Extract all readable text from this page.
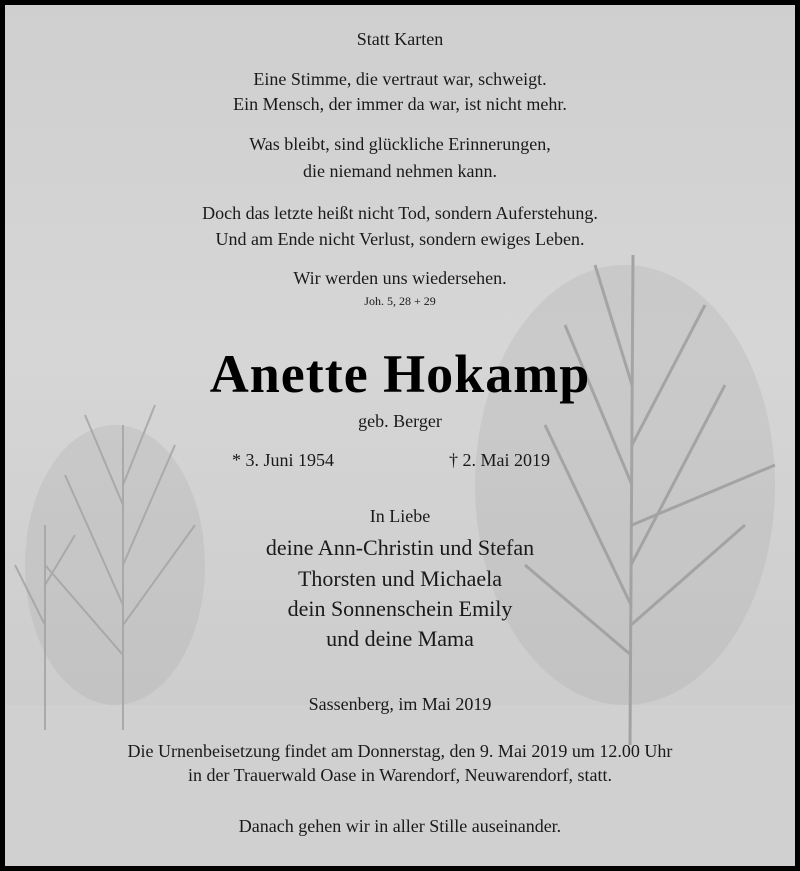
Statt Karten
Eine Stimme, die vertraut war, schweigt.
Ein Mensch, der immer da war, ist nicht mehr.
Was bleibt, sind glückliche Erinnerungen,
die niemand nehmen kann.
Doch das letzte heißt nicht Tod, sondern Auferstehung.
Und am Ende nicht Verlust, sondern ewiges Leben.
Wir werden uns wiedersehen.
Joh. 5, 28 + 29
Anette Hokamp
geb. Berger
* 3. Juni 1954	† 2. Mai 2019
In Liebe
deine Ann-Christin und Stefan
Thorsten und Michaela
dein Sonnenschein Emily
und deine Mama
Sassenberg, im Mai 2019
Die Urnenbeisetzung findet am Donnerstag, den 9. Mai 2019 um 12.00 Uhr
in der Trauerwald Oase in Warendorf, Neuwarendorf, statt.
Danach gehen wir in aller Stille auseinander.
